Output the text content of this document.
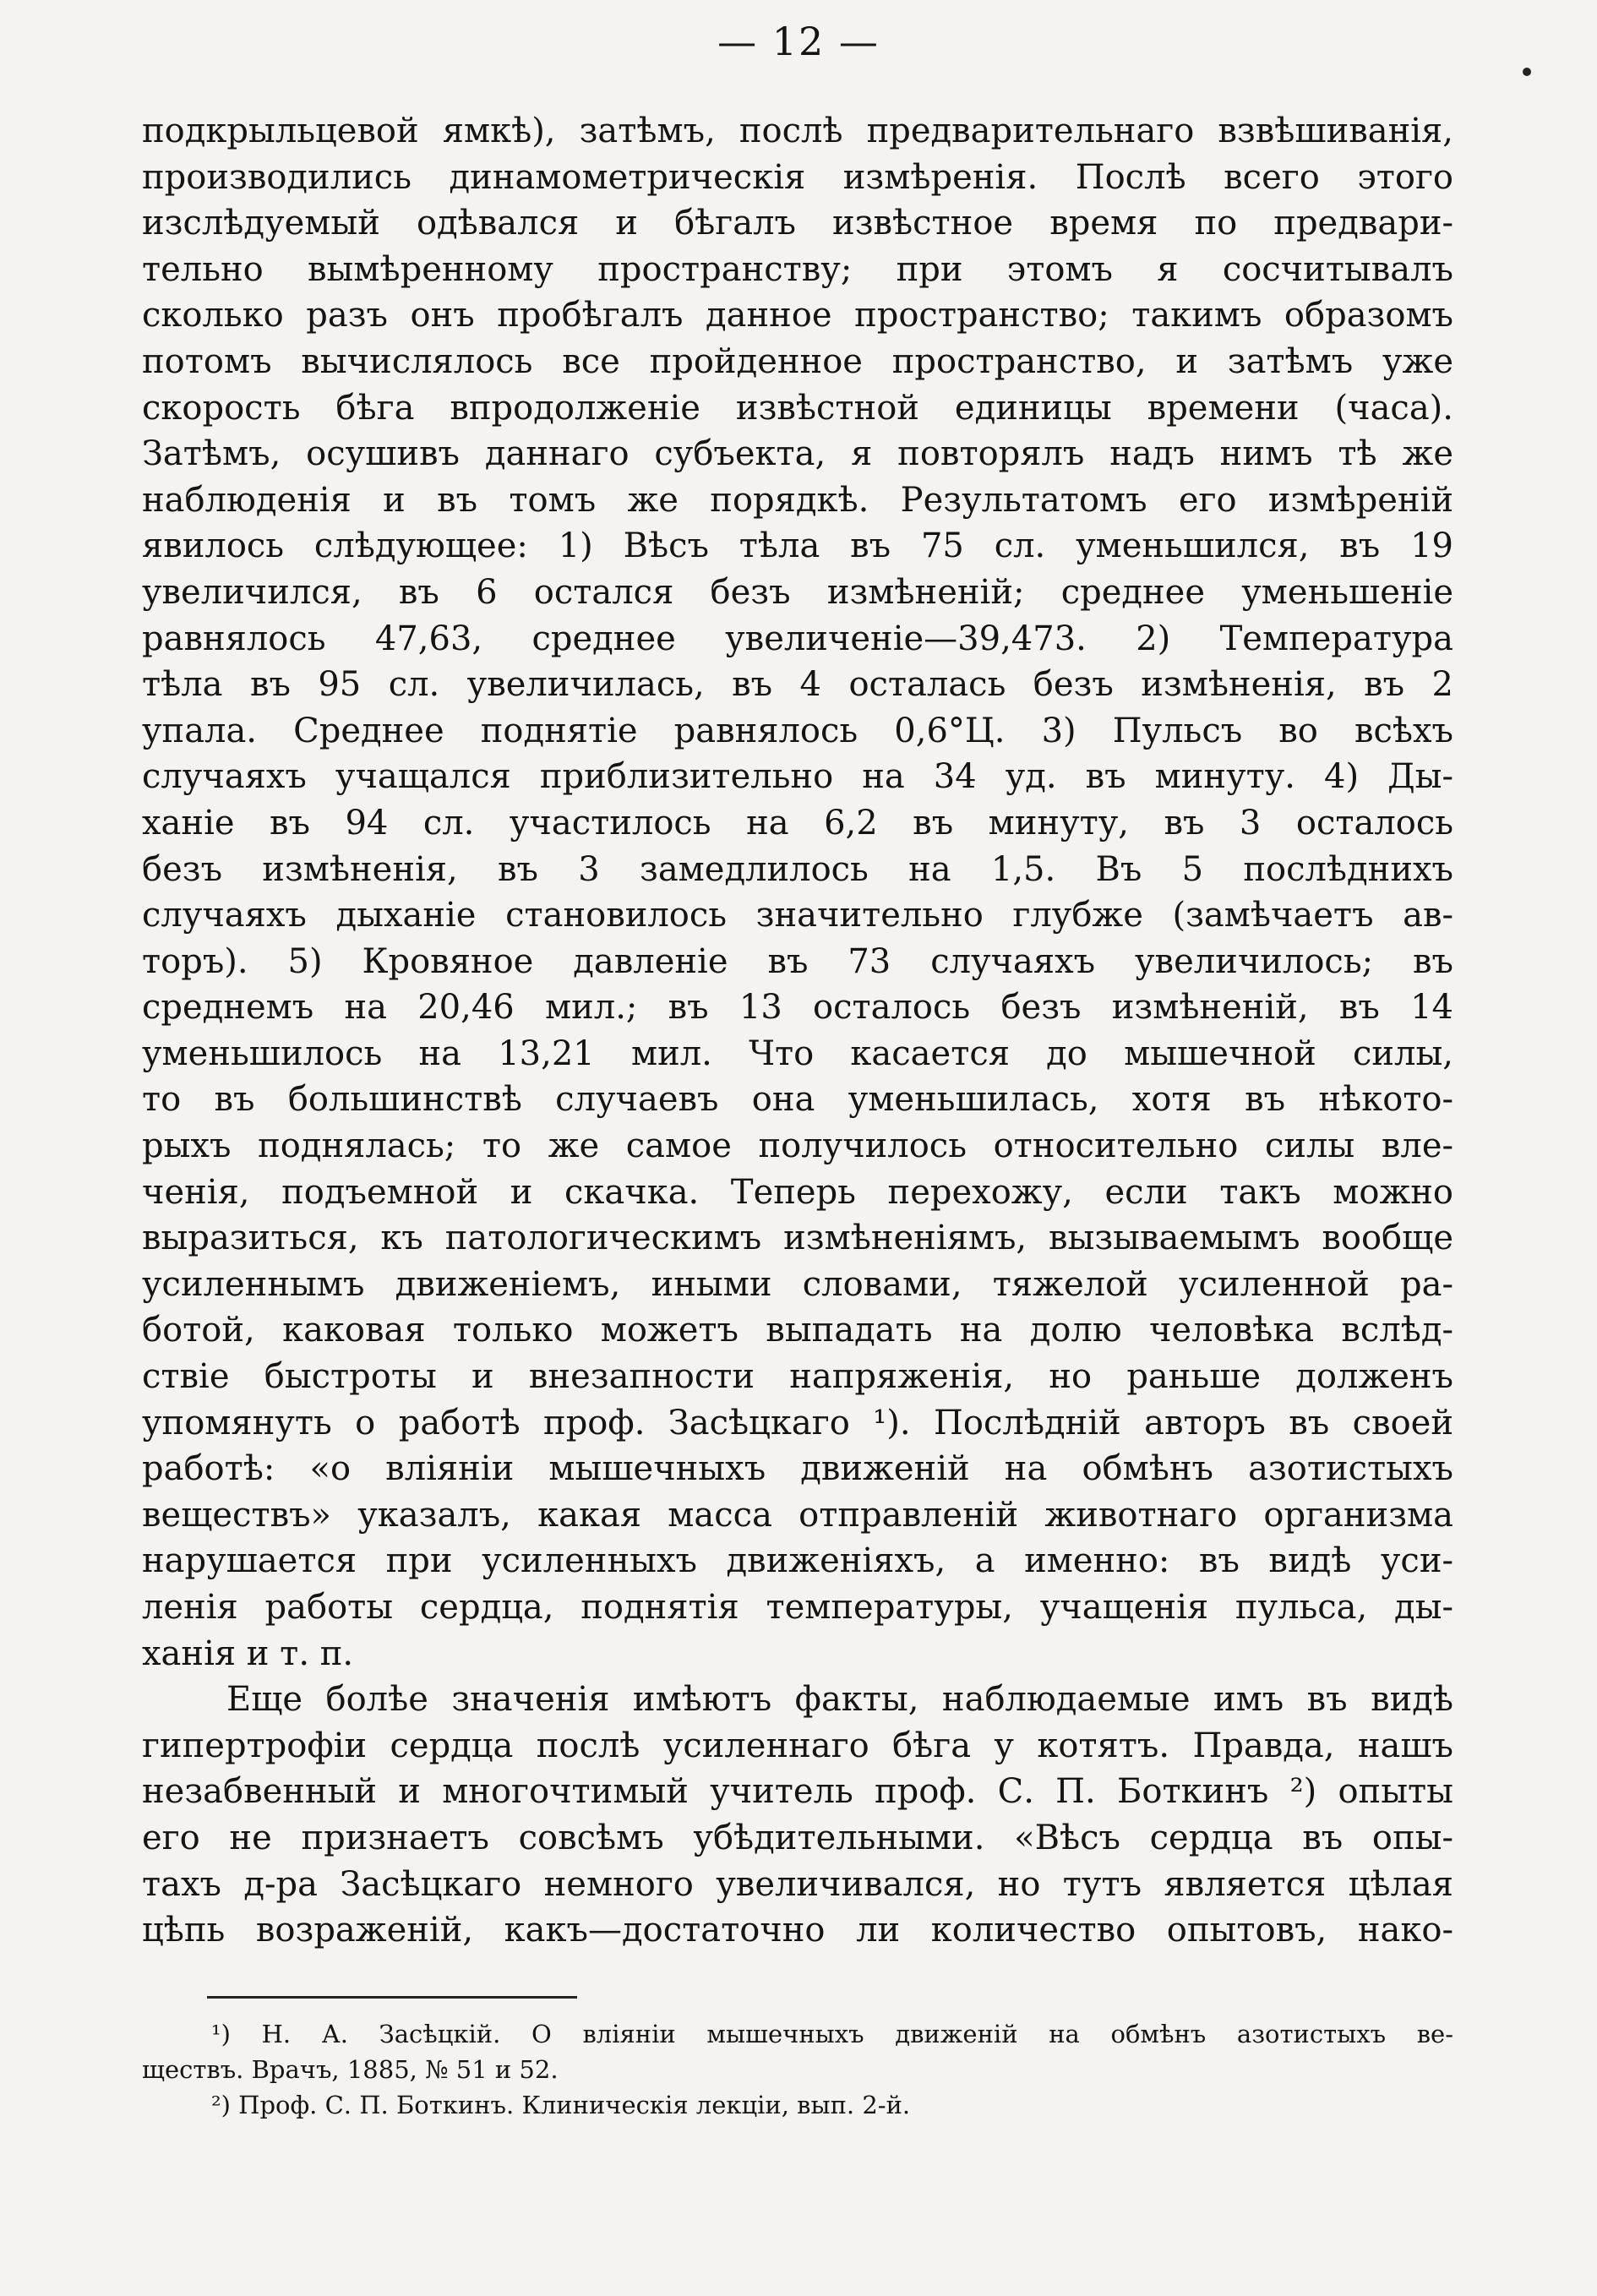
— 12 —
подкрыльцевой ямкѣ), затѣмъ, послѣ предварительнаго взвѣшиванія,
производились динамометрическія измѣренія. Послѣ всего этого
изслѣдуемый одѣвался и бѣгалъ извѣстное время по предвари-
тельно вымѣренному пространству; при этомъ я сосчитывалъ
сколько разъ онъ пробѣгалъ данное пространство; такимъ образомъ
потомъ вычислялось все пройденное пространство, и затѣмъ уже
скорость бѣга впродолженіе извѣстной единицы времени (часа).
Затѣмъ, осушивъ даннаго субъекта, я повторялъ надъ нимъ тѣ же
наблюденія и въ томъ же порядкѣ. Результатомъ его измѣреній
явилось слѣдующее: 1) Вѣсъ тѣла въ 75 сл. уменьшился, въ 19
увеличился, въ 6 остался безъ измѣненій; среднее уменьшеніе
равнялось 47,63, среднее увеличеніе—39,473. 2) Температура
тѣла въ 95 сл. увеличилась, въ 4 осталась безъ измѣненія, въ 2
упала. Среднее поднятіе равнялось 0,6°Ц. 3) Пульсъ во всѣхъ
случаяхъ учащался приблизительно на 34 уд. въ минуту. 4) Ды-
ханіе въ 94 сл. участилось на 6,2 въ минуту, въ 3 осталось
безъ измѣненія, въ 3 замедлилось на 1,5. Въ 5 послѣднихъ
случаяхъ дыханіе становилось значительно глубже (замѣчаетъ ав-
торъ). 5) Кровяное давленіе въ 73 случаяхъ увеличилось; въ
среднемъ на 20,46 мил.; въ 13 осталось безъ измѣненій, въ 14
уменьшилось на 13,21 мил. Что касается до мышечной силы,
то въ большинствѣ случаевъ она уменьшилась, хотя въ нѣкото-
рыхъ поднялась; то же самое получилось относительно силы вле-
ченія, подъемной и скачка. Теперь перехожу, если такъ можно
выразиться, къ патологическимъ измѣненіямъ, вызываемымъ вообще
усиленнымъ движеніемъ, иными словами, тяжелой усиленной ра-
ботой, каковая только можетъ выпадать на долю человѣка вслѣд-
ствіе быстроты и внезапности напряженія, но раньше долженъ
упомянуть о работѣ проф. Засѣцкаго ¹). Послѣдній авторъ въ своей
работѣ: «о вліяніи мышечныхъ движеній на обмѣнъ азотистыхъ
веществъ» указалъ, какая масса отправленій животнаго организма
нарушается при усиленныхъ движеніяхъ, а именно: въ видѣ уси-
ленія работы сердца, поднятія температуры, учащенія пульса, ды-
ханія и т. п.
Еще болѣе значенія имѣютъ факты, наблюдаемые имъ въ видѣ
гипертрофіи сердца послѣ усиленнаго бѣга у котятъ. Правда, нашъ
незабвенный и многочтимый учитель проф. С. П. Боткинъ ²) опыты
его не признаетъ совсѣмъ убѣдительными. «Вѣсъ сердца въ опы-
тахъ д-ра Засѣцкаго немного увеличивался, но тутъ является цѣлая
цѣпь возраженій, какъ—достаточно ли количество опытовъ, нако-
¹) Н. А. Засѣцкій. О вліяніи мышечныхъ движеній на обмѣнъ азотистыхъ ве-
ществъ. Врачъ, 1885, № 51 и 52.
²) Проф. С. П. Боткинъ. Клиническія лекціи, вып. 2-й.
